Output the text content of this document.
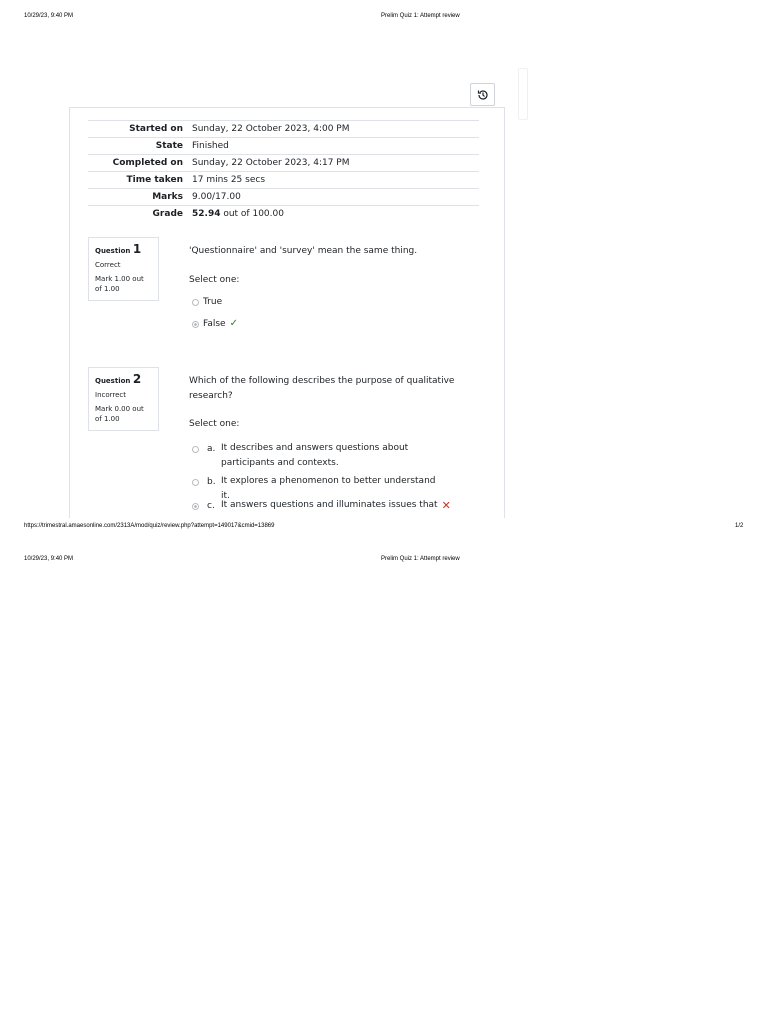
10/29/23, 9:40 PM	Prelim Quiz 1: Attempt review
Started on	Sunday, 22 October 2023, 4:00 PM
State	Finished
Completed on	Sunday, 22 October 2023, 4:17 PM
Time taken	17 mins 25 secs
Marks	9.00/17.00
Grade	52.94 out of 100.00
Question 1
Correct
Mark 1.00 out of 1.00
'Questionnaire' and 'survey' mean the same thing.
Select one:
True
False ✓
Question 2
Incorrect
Mark 0.00 out of 1.00
Which of the following describes the purpose of qualitative research?
Select one:
a. It describes and answers questions about participants and contexts.
b. It explores a phenomenon to better understand it.
c. It answers questions and illuminates issues that ✕
https://trimestral.amaesonline.com/2313A/mod/quiz/review.php?attempt=149017&cmid=13869	1/2
10/29/23, 9:40 PM	Prelim Quiz 1: Attempt review
